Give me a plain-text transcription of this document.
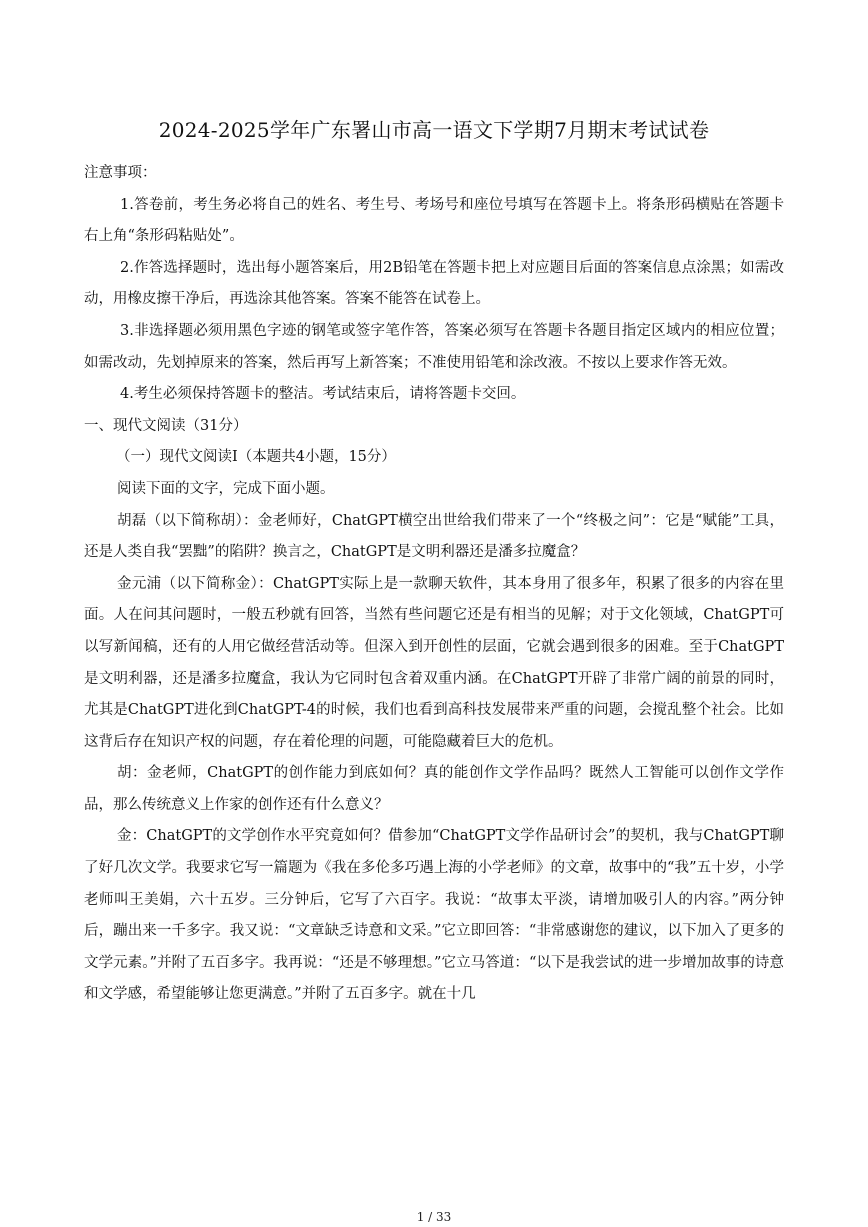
2024-2025学年广东署山市高一语文下学期7月期末考试试卷

注意事项：

1.答卷前，考生务必将自己的姓名、考生号、考场号和座位号填写在答题卡上。将条形码横贴在答题卡右上角“条形码粘贴处”。

2.作答选择题时，选出每小题答案后，用2B铅笔在答题卡把上对应题目后面的答案信息点涂黑；如需改动，用橡皮擦干净后，再选涂其他答案。答案不能答在试卷上。

3.非选择题必须用黑色字迹的钢笔或签字笔作答，答案必须写在答题卡各题目指定区域内的相应位置；如需改动，先划掉原来的答案，然后再写上新答案；不准使用铅笔和涂改液。不按以上要求作答无效。

4.考生必须保持答题卡的整洁。考试结束后，请将答题卡交回。

一、现代文阅读（31分）

（一）现代文阅读Ⅰ（本题共4小题，15分）

阅读下面的文字，完成下面小题。

胡磊（以下简称胡）：金老师好，ChatGPT横空出世给我们带来了一个“终极之问”：它是“赋能”工具，还是人类自我“罢黜”的陷阱？换言之，ChatGPT是文明利器还是潘多拉魔盒？

金元浦（以下简称金）：ChatGPT实际上是一款聊天软件，其本身用了很多年，积累了很多的内容在里面。人在问其问题时，一般五秒就有回答，当然有些问题它还是有相当的见解；对于文化领域，ChatGPT可以写新闻稿，还有的人用它做经营活动等。但深入到开创性的层面，它就会遇到很多的困难。至于ChatGPT是文明利器，还是潘多拉魔盒，我认为它同时包含着双重内涵。在ChatGPT开辟了非常广阔的前景的同时，尤其是ChatGPT进化到ChatGPT-4的时候，我们也看到高科技发展带来严重的问题，会搅乱整个社会。比如这背后存在知识产权的问题，存在着伦理的问题，可能隐藏着巨大的危机。

胡：金老师，ChatGPT的创作能力到底如何？真的能创作文学作品吗？既然人工智能可以创作文学作品，那么传统意义上作家的创作还有什么意义？

金：ChatGPT的文学创作水平究竟如何？借参加“ChatGPT文学作品研讨会”的契机，我与ChatGPT聊了好几次文学。我要求它写一篇题为《我在多伦多巧遇上海的小学老师》的文章，故事中的“我”五十岁，小学老师叫王美娟，六十五岁。三分钟后，它写了六百字。我说：“故事太平淡，请增加吸引人的内容。”两分钟后，蹦出来一千多字。我又说：“文章缺乏诗意和文采。”它立即回答：“非常感谢您的建议，以下加入了更多的文学元素。”并附了五百多字。我再说：“还是不够理想。”它立马答道：“以下是我尝试的进一步增加故事的诗意和文学感，希望能够让您更满意。”并附了五百多字。就在十几

1 / 33
